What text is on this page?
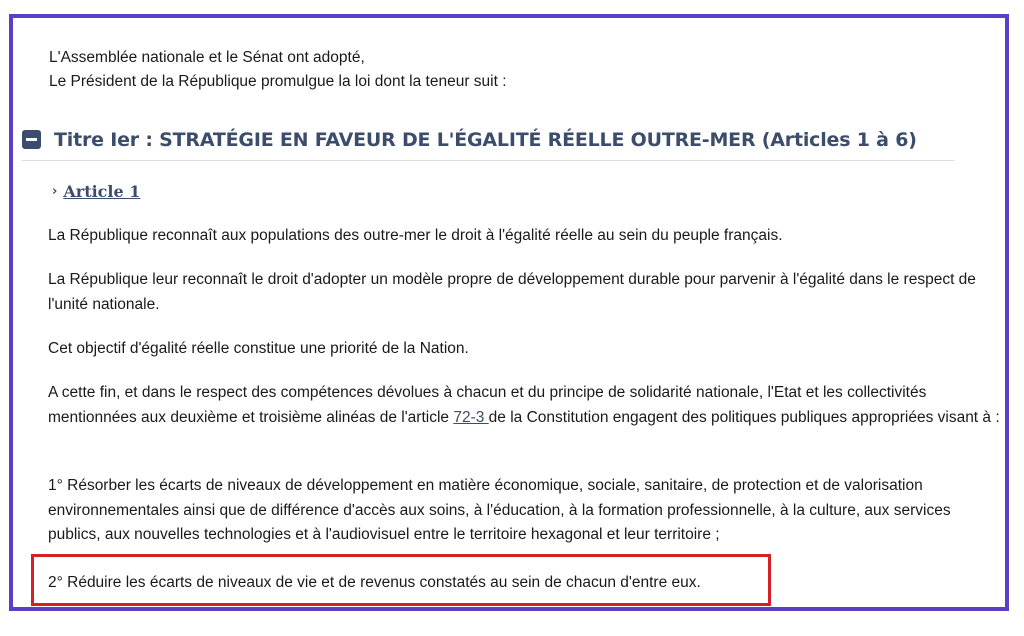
L'Assemblée nationale et le Sénat ont adopté,
Le Président de la République promulgue la loi dont la teneur suit :
Titre Ier : STRATÉGIE EN FAVEUR DE L'ÉGALITÉ RÉELLE OUTRE-MER (Articles 1 à 6)
› Article 1
La République reconnaît aux populations des outre-mer le droit à l'égalité réelle au sein du peuple français.
La République leur reconnaît le droit d'adopter un modèle propre de développement durable pour parvenir à l'égalité dans le respect de l'unité nationale.
Cet objectif d'égalité réelle constitue une priorité de la Nation.
A cette fin, et dans le respect des compétences dévolues à chacun et du principe de solidarité nationale, l'Etat et les collectivités mentionnées aux deuxième et troisième alinéas de l'article 72-3 de la Constitution engagent des politiques publiques appropriées visant à :
1° Résorber les écarts de niveaux de développement en matière économique, sociale, sanitaire, de protection et de valorisation environnementales ainsi que de différence d'accès aux soins, à l'éducation, à la formation professionnelle, à la culture, aux services publics, aux nouvelles technologies et à l'audiovisuel entre le territoire hexagonal et leur territoire ;
2° Réduire les écarts de niveaux de vie et de revenus constatés au sein de chacun d'entre eux.
